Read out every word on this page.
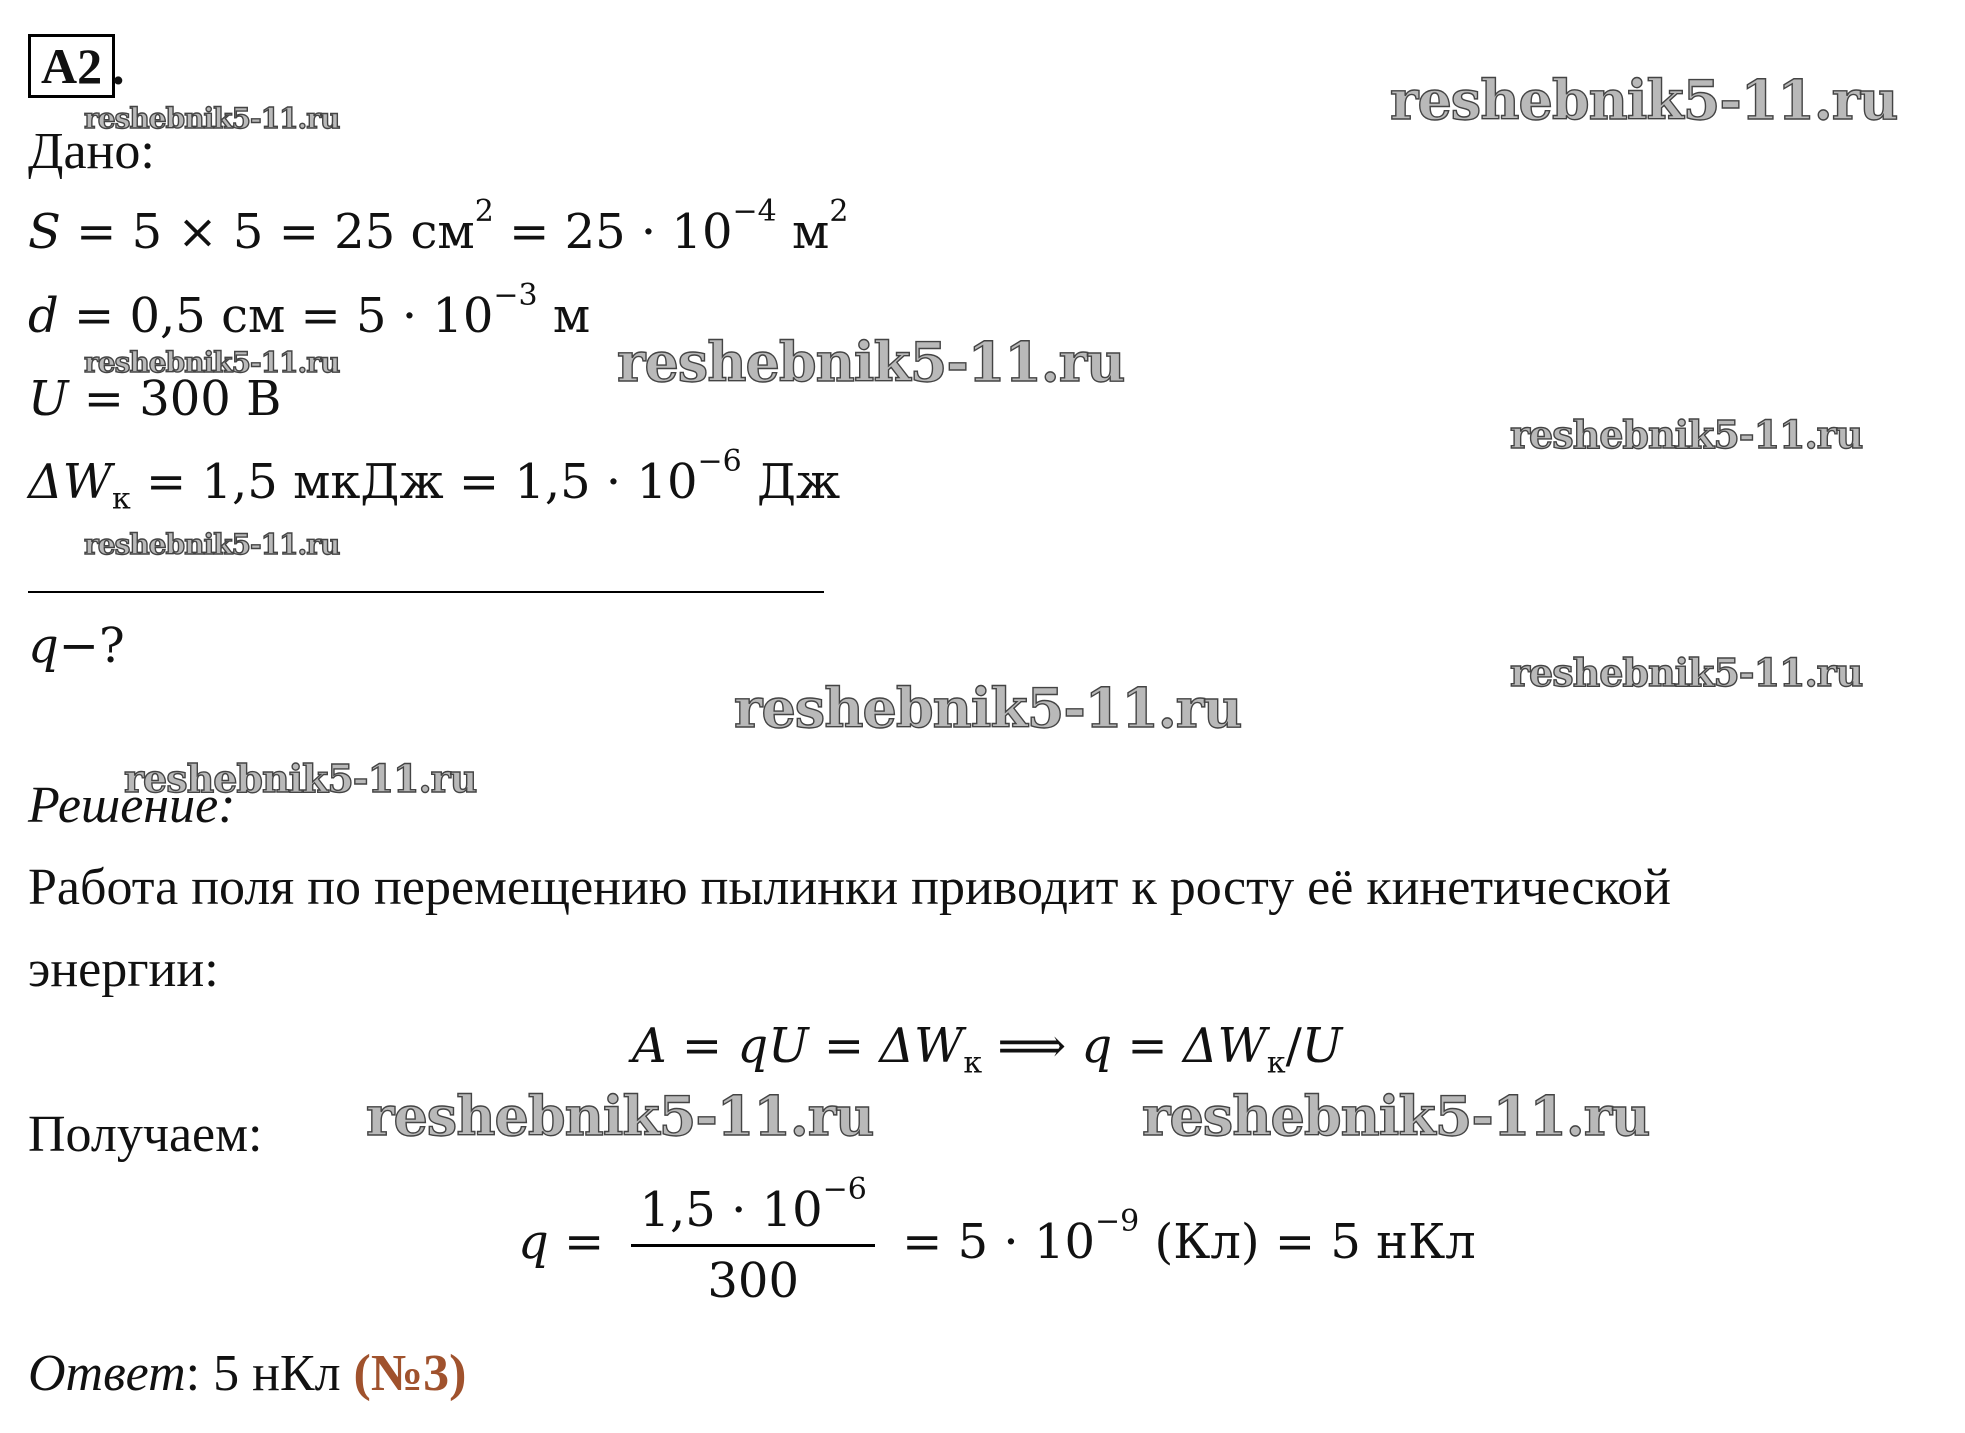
A2 .
Дано:
S = 5 × 5 = 25 $см^2 = 25 \cdot 10^{-4}$ $м^2$
d = 0,5 см = $5 \cdot 10^{-3}$ м
U = 300 В
$\Delta W_к = 1,5$ мкДж = $1,5 \cdot 10^{-6}$ Дж
q−?
Решение:
Работа поля по перемещению пылинки приводит к росту её кинетической
энергии:
A = qU = $\Delta W_к$ ⟹ $q = \Delta W_к/U$
Получаем:
$q = \frac{1,5 \cdot 10^{-6}}{300} = 5 \cdot 10^{-9}$ (Кл) = 5 нКл
Ответ: 5 нКл (№3)
reshebnik5-11.ru
reshebnik5-11.ru
reshebnik5-11.ru	reshebnik5-11.ru
reshebnik5-11.ru
reshebnik5-11.ru
reshebnik5-11.ru
reshebnik5-11.ru
reshebnik5-11.ru
reshebnik5-11.ru	reshebnik5-11.ru
